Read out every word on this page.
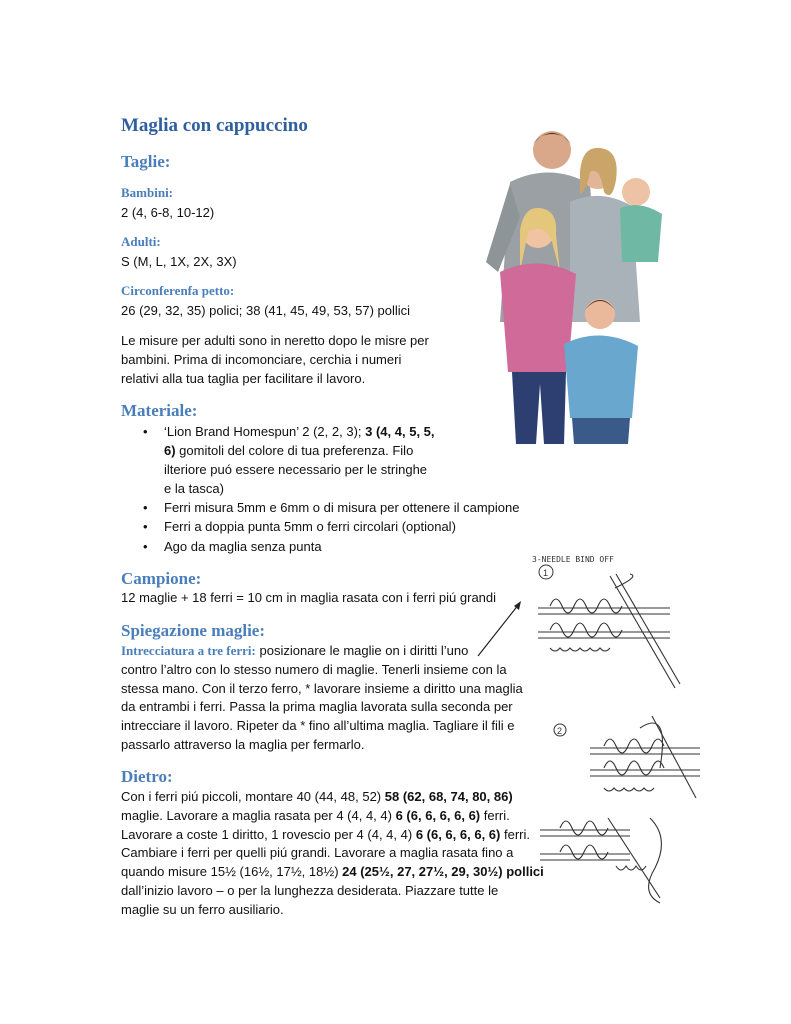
Maglia con cappuccino
Taglie:
Bambini:
2 (4, 6-8, 10-12)
Adulti:
S (M, L, 1X, 2X, 3X)
Circonferenfa petto:
26 (29, 32, 35) polici; 38 (41, 45, 49, 53, 57) pollici
Le misure per adulti sono in neretto dopo le misre per
bambini. Prima di incomonciare, cerchia i numeri
relativi alla tua taglia per facilitare il lavoro.
Materiale:
•	‘Lion Brand Homespun’ 2 (2, 2, 3); 3 (4, 4, 5, 5,
6) gomitoli del colore di tua preferenza. Filo
ilteriore puó essere necessario per le stringhe
e la tasca)
•	Ferri misura 5mm e 6mm o di misura per ottenere il campione
•	Ferri a doppia punta 5mm o ferri circolari (optional)
•	Ago da maglia senza punta
Campione:
12 maglie + 18 ferri = 10 cm in maglia rasata con i ferri piú grandi
Spiegazione maglie:
Intrecciatura a tre ferri: posizionare le maglie on i diritti l’uno
contro l’altro con lo stesso numero di maglie. Tenerli insieme con la
stessa mano. Con il terzo ferro, * lavorare insieme a diritto una maglia
da entrambi i ferri. Passa la prima maglia lavorata sulla seconda per
intrecciare il lavoro. Ripeter da * fino all’ultima maglia. Tagliare il fili e
passarlo attraverso la maglia per fermarlo.
Dietro:
Con i ferri piú piccoli, montare 40 (44, 48, 52) 58 (62, 68, 74, 80, 86)
maglie. Lavorare a maglia rasata per 4 (4, 4, 4) 6 (6, 6, 6, 6, 6) ferri.
Lavorare a coste 1 diritto, 1 rovescio per 4 (4, 4, 4) 6 (6, 6, 6, 6, 6) ferri.
Cambiare i ferri per quelli piú grandi. Lavorare a maglia rasata fino a
quando misure 15½ (16½, 17½, 18½) 24 (25½, 27, 27½, 29, 30½) pollici
dall’inizio lavoro – o per la lunghezza desiderata. Piazzare tutte le
maglie su un ferro ausiliario.
3-NEEDLE BIND OFF
1
2
